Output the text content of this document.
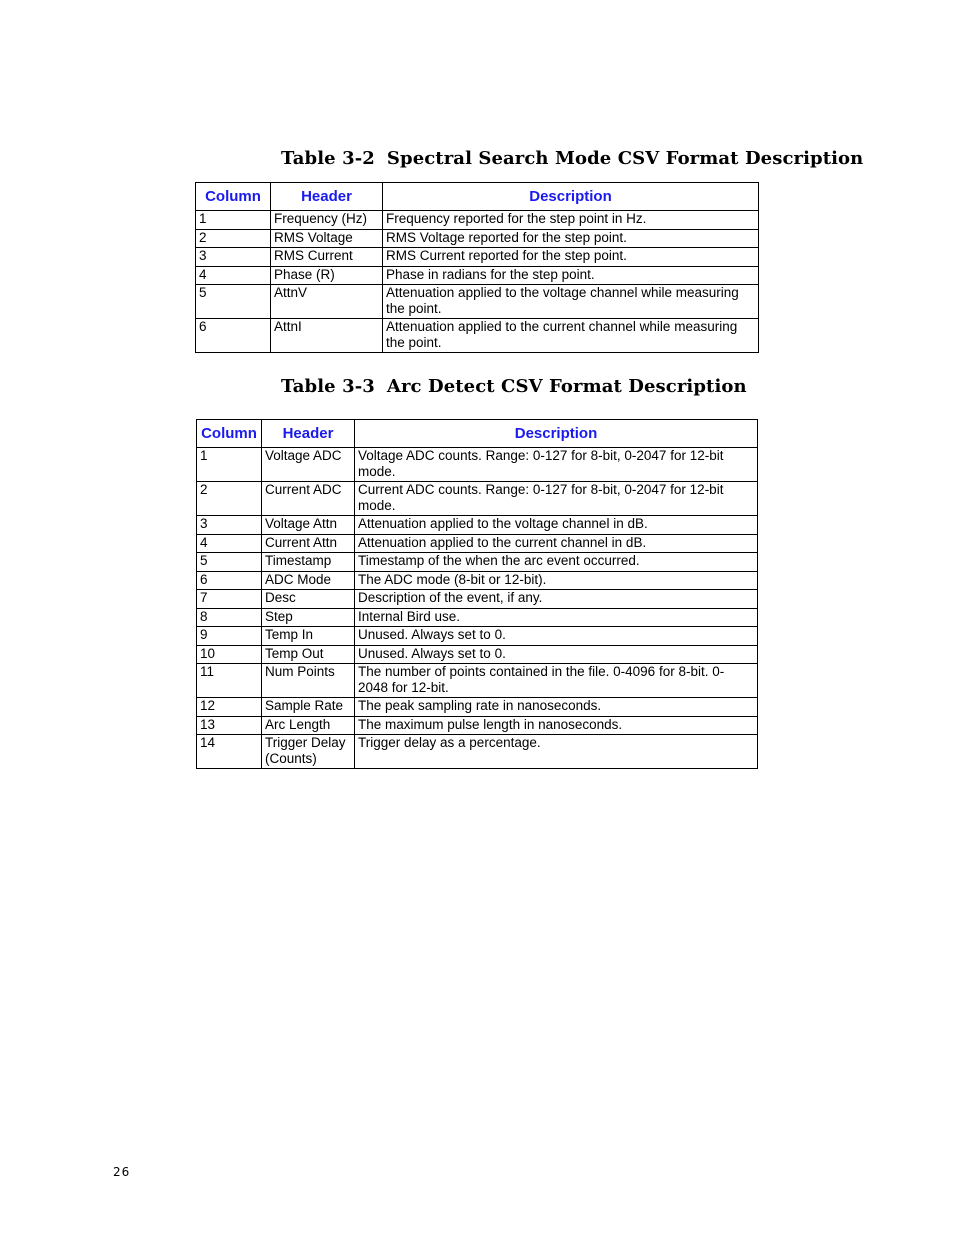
Table 3-2 Spectral Search Mode CSV Format Description
Column	Header	Description
1	Frequency (Hz)	Frequency reported for the step point in Hz.
2	RMS Voltage	RMS Voltage reported for the step point.
3	RMS Current	RMS Current reported for the step point.
4	Phase (R)	Phase in radians for the step point.
5	AttnV	Attenuation applied to the voltage channel while measuring the point.
6	AttnI	Attenuation applied to the current channel while measuring the point.
Table 3-3 Arc Detect CSV Format Description
Column	Header	Description
1	Voltage ADC	Voltage ADC counts. Range: 0-127 for 8-bit, 0-2047 for 12-bit mode.
2	Current ADC	Current ADC counts. Range: 0-127 for 8-bit, 0-2047 for 12-bit mode.
3	Voltage Attn	Attenuation applied to the voltage channel in dB.
4	Current Attn	Attenuation applied to the current channel in dB.
5	Timestamp	Timestamp of the when the arc event occurred.
6	ADC Mode	The ADC mode (8-bit or 12-bit).
7	Desc	Description of the event, if any.
8	Step	Internal Bird use.
9	Temp In	Unused. Always set to 0.
10	Temp Out	Unused. Always set to 0.
11	Num Points	The number of points contained in the file. 0-4096 for 8-bit. 0-2048 for 12-bit.
12	Sample Rate	The peak sampling rate in nanoseconds.
13	Arc Length	The maximum pulse length in nanoseconds.
14	Trigger Delay (Counts)	Trigger delay as a percentage.
26
